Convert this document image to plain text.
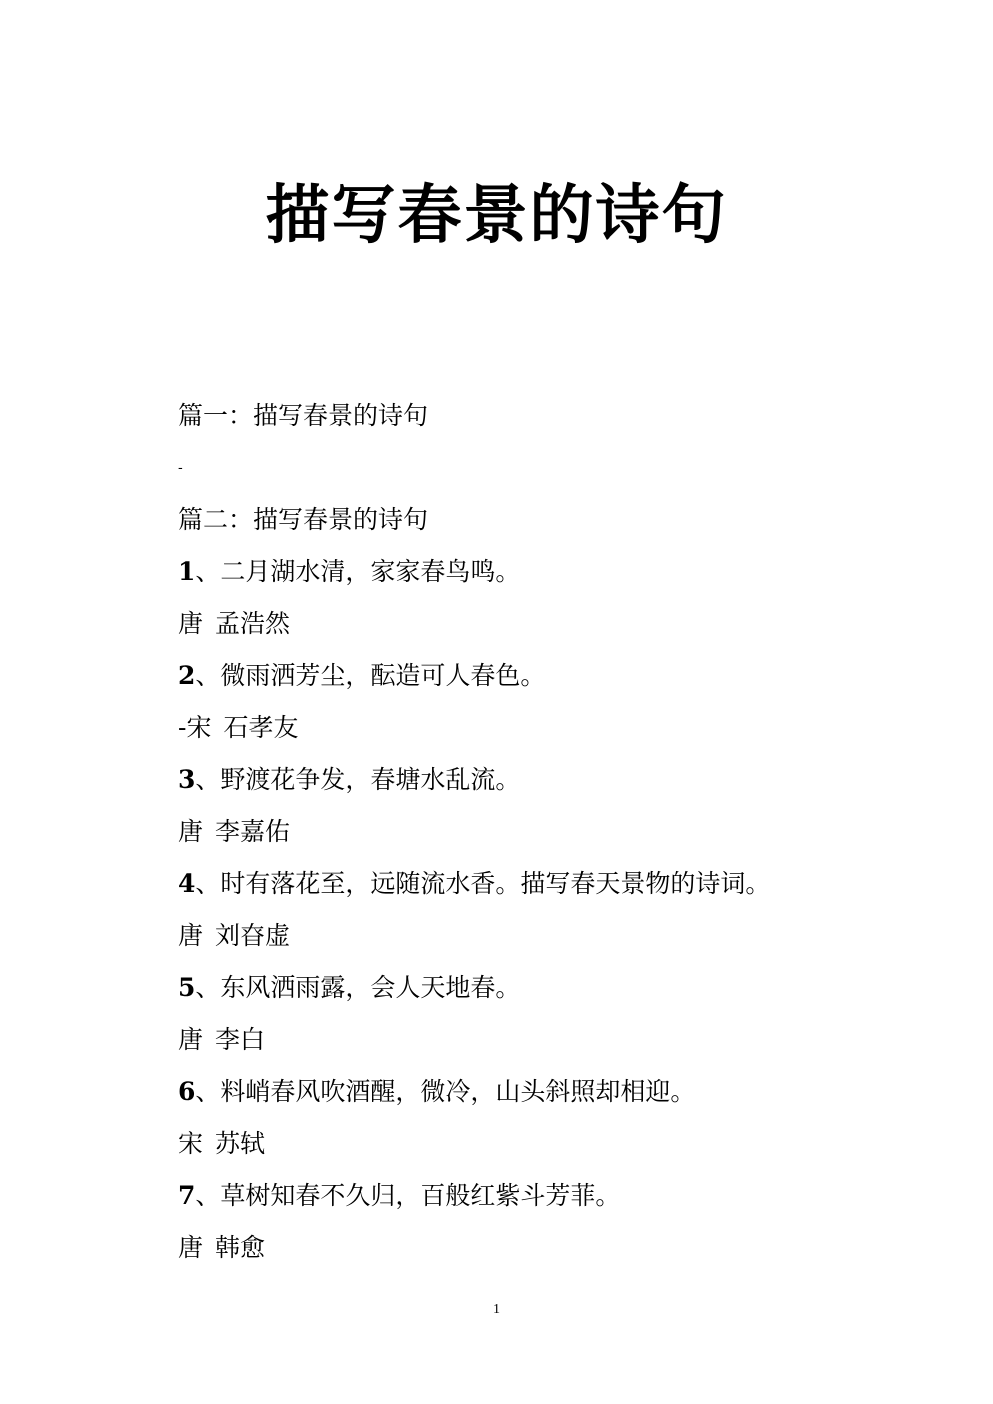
描写春景的诗句
篇一：描写春景的诗句
-
篇二：描写春景的诗句
1、二月湖水清，家家春鸟鸣。
唐 孟浩然
2、微雨洒芳尘，酝造可人春色。
-宋 石孝友
3、野渡花争发，春塘水乱流。
唐 李嘉佑
4、时有落花至，远随流水香。描写春天景物的诗词。
唐 刘昚虚
5、东风洒雨露，会人天地春。
唐 李白
6、料峭春风吹酒醒，微冷，山头斜照却相迎。
宋 苏轼
7、草树知春不久归，百般红紫斗芳菲。
唐 韩愈
1
